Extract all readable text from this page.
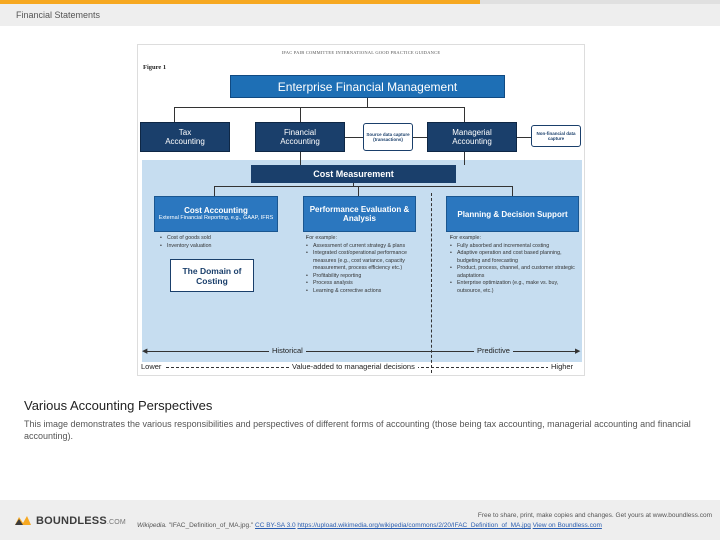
Financial Statements
IFAC PAIB COMMITTEE INTERNATIONAL GOOD PRACTICE GUIDANCE
Figure 1
Enterprise Financial Management
Tax
Accounting
Financial
Accounting
Managerial
Accounting
Source data capture (transactions)
Non-financial data capture
Cost Measurement
Cost Accounting
External Financial Reporting, e.g., GAAP, IFRS
Performance Evaluation & Analysis	Planning & Decision Support
• Cost of goods sold
• Inventory valuation
The Domain of Costing
• For example:
• Assessment of current strategy & plans
• Integrated cost/operational performance measures (e.g., cost variance, capacity measurement, process efficiency etc.)
• Profitability reporting
• Process analysis
• Learning & corrective actions
• For example:
• Fully absorbed and incremental costing
• Adaptive operation and cost based planning, budgeting and forecasting
• Product, process, channel, and customer strategic adaptations
• Enterprise optimization (e.g., make vs. buy, outsource, etc.)
Historical	Predictive
◀	▶
Lower	Value-added to managerial decisions	Higher
Various Accounting Perspectives
This image demonstrates the various responsibilities and perspectives of different forms of accounting (those being tax accounting, managerial accounting and financial accounting).
BOUNDLESS.COM
Free to share, print, make copies and changes. Get yours at www.boundless.com
Wikipedia. "IFAC_Definition_of_MA.jpg." CC BY-SA 3.0 https://upload.wikimedia.org/wikipedia/commons/2/20/IFAC_Definition_of_MA.jpg View on Boundless.com
